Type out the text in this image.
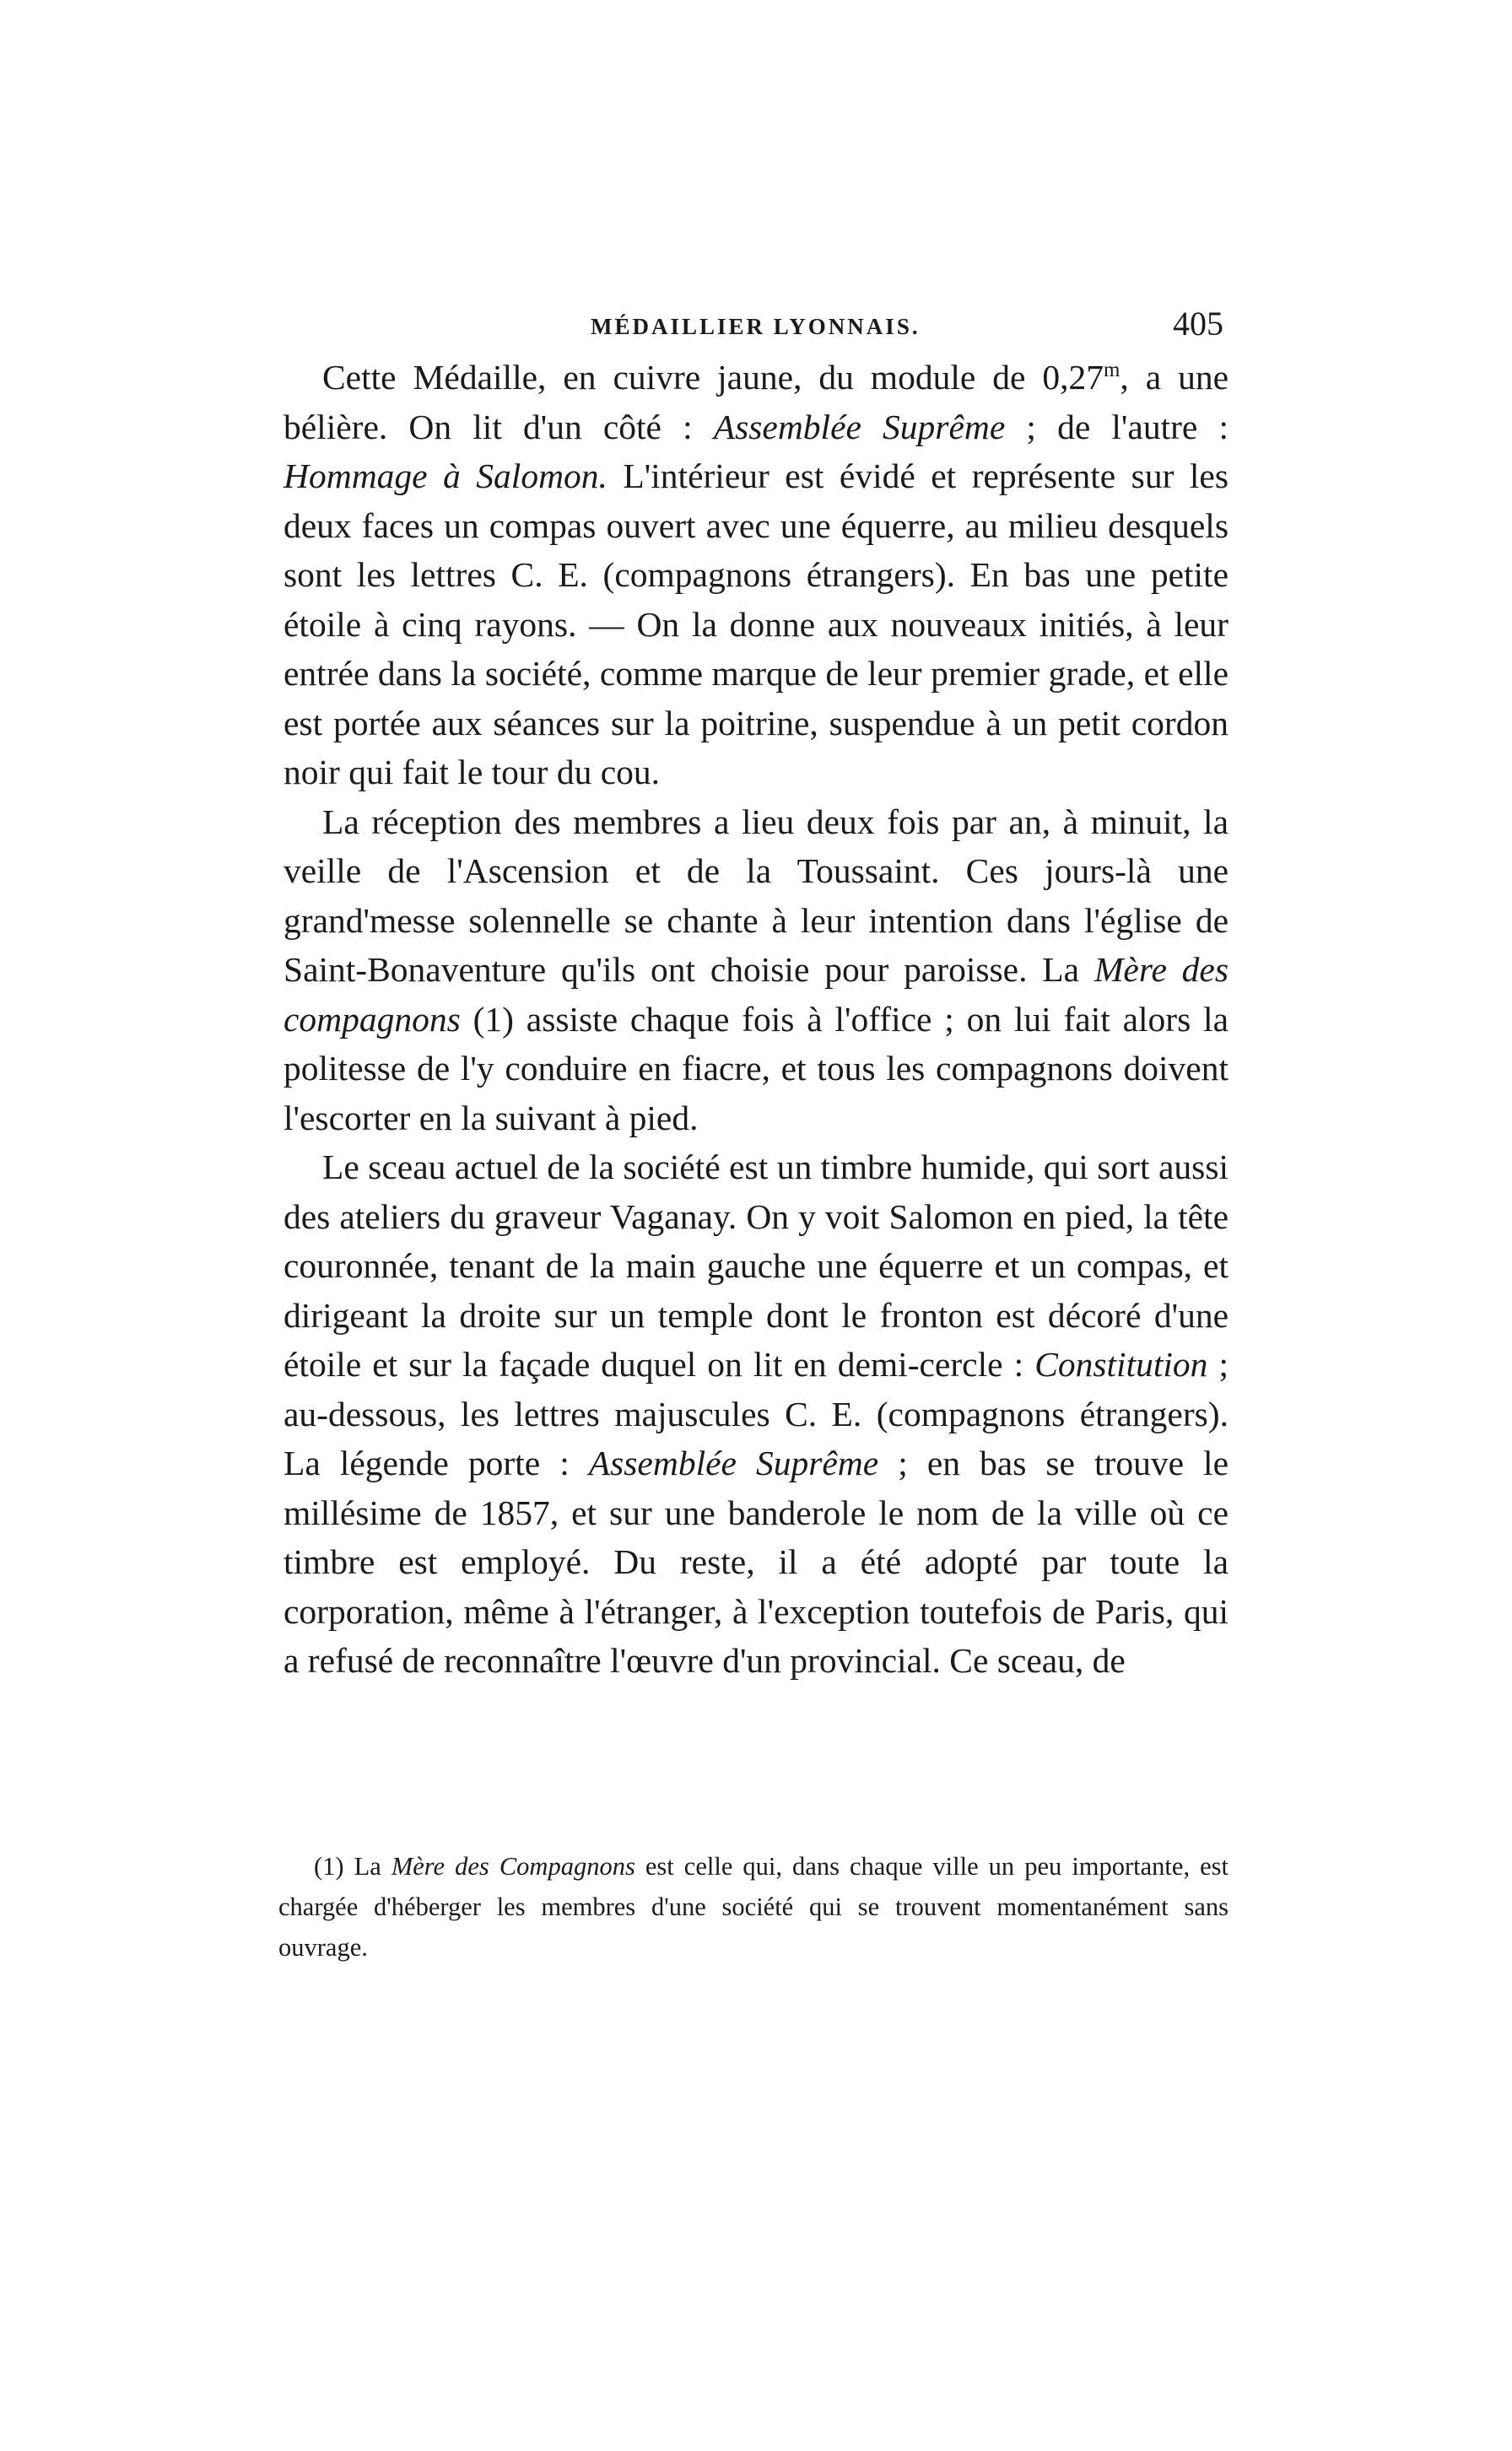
MÉDAILLIER LYONNAIS.	405

Cette Médaille, en cuivre jaune, du module de 0,27$^m$, a une bélière. On lit d'un côté : Assemblée Suprême ; de l'autre : Hommage à Salomon. L'intérieur est évidé et représente sur les deux faces un compas ouvert avec une équerre, au milieu desquels sont les lettres C. E. (compagnons étrangers). En bas une petite étoile à cinq rayons. — On la donne aux nouveaux initiés, à leur entrée dans la société, comme marque de leur premier grade, et elle est portée aux séances sur la poitrine, suspendue à un petit cordon noir qui fait le tour du cou.

La réception des membres a lieu deux fois par an, à minuit, la veille de l'Ascension et de la Toussaint. Ces jours-là une grand'messe solennelle se chante à leur intention dans l'église de Saint-Bonaventure qu'ils ont choisie pour paroisse. La Mère des compagnons (1) assiste chaque fois à l'office ; on lui fait alors la politesse de l'y conduire en fiacre, et tous les compagnons doivent l'escorter en la suivant à pied.

Le sceau actuel de la société est un timbre humide, qui sort aussi des ateliers du graveur Vaganay. On y voit Salomon en pied, la tête couronnée, tenant de la main gauche une équerre et un compas, et dirigeant la droite sur un temple dont le fronton est décoré d'une étoile et sur la façade duquel on lit en demi-cercle : Constitution ; au-dessous, les lettres majuscules C. E. (compagnons étrangers). La légende porte : Assemblée Suprême ; en bas se trouve le millésime de 1857, et sur une banderole le nom de la ville où ce timbre est employé. Du reste, il a été adopté par toute la corporation, même à l'étranger, à l'exception toutefois de Paris, qui a refusé de reconnaître l'œuvre d'un provincial. Ce sceau, de

(1) La Mère des Compagnons est celle qui, dans chaque ville un peu importante, est chargée d'héberger les membres d'une société qui se trouvent momentanément sans ouvrage.
